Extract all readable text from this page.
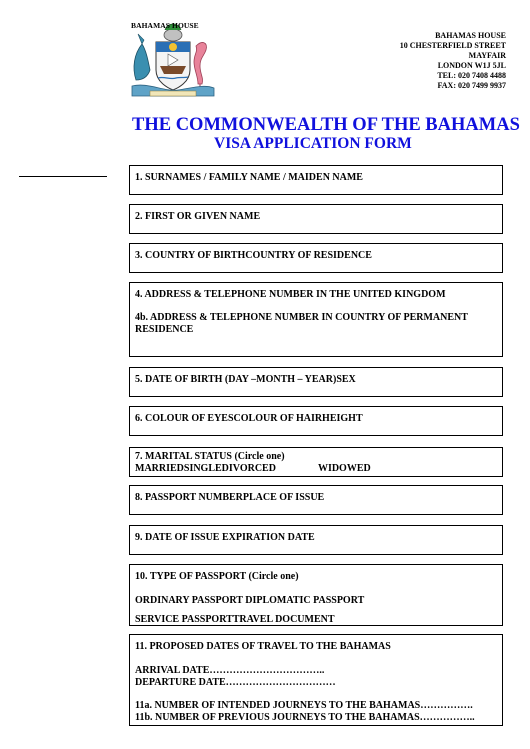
BAHAMAS HOUSE
BAHAMAS HOUSE
10 CHESTERFIELD STREET
MAYFAIR
LONDON W1J 5JL
TEL: 020 7408 4488
FAX: 020 7499 9937
THE COMMONWEALTH OF THE BAHAMAS
VISA APPLICATION FORM
1. SURNAMES / FAMILY NAME / MAIDEN NAME
2. FIRST OR GIVEN NAME
3. COUNTRY OF BIRTHCOUNTRY OF RESIDENCE
4. ADDRESS & TELEPHONE NUMBER IN THE UNITED KINGDOM
4b. ADDRESS & TELEPHONE NUMBER IN COUNTRY OF PERMANENT RESIDENCE
5. DATE OF BIRTH (DAY –MONTH – YEAR)SEX
6. COLOUR OF EYESCOLOUR OF HAIRHEIGHT
7. MARITAL STATUS (Circle one)
MARRIEDSINGLEDIVORCED	WIDOWED
8. PASSPORT NUMBERPLACE OF ISSUE
9. DATE OF ISSUE EXPIRATION DATE
10. TYPE OF PASSPORT (Circle one)
ORDINARY PASSPORT DIPLOMATIC PASSPORT
SERVICE PASSPORTTRAVEL DOCUMENT
11. PROPOSED DATES OF TRAVEL TO THE BAHAMAS
ARRIVAL DATE……………………………..
DEPARTURE DATE……………………………
11a. NUMBER OF INTENDED JOURNEYS TO THE BAHAMAS…………….
11b. NUMBER OF PREVIOUS JOURNEYS TO THE BAHAMAS……………..
